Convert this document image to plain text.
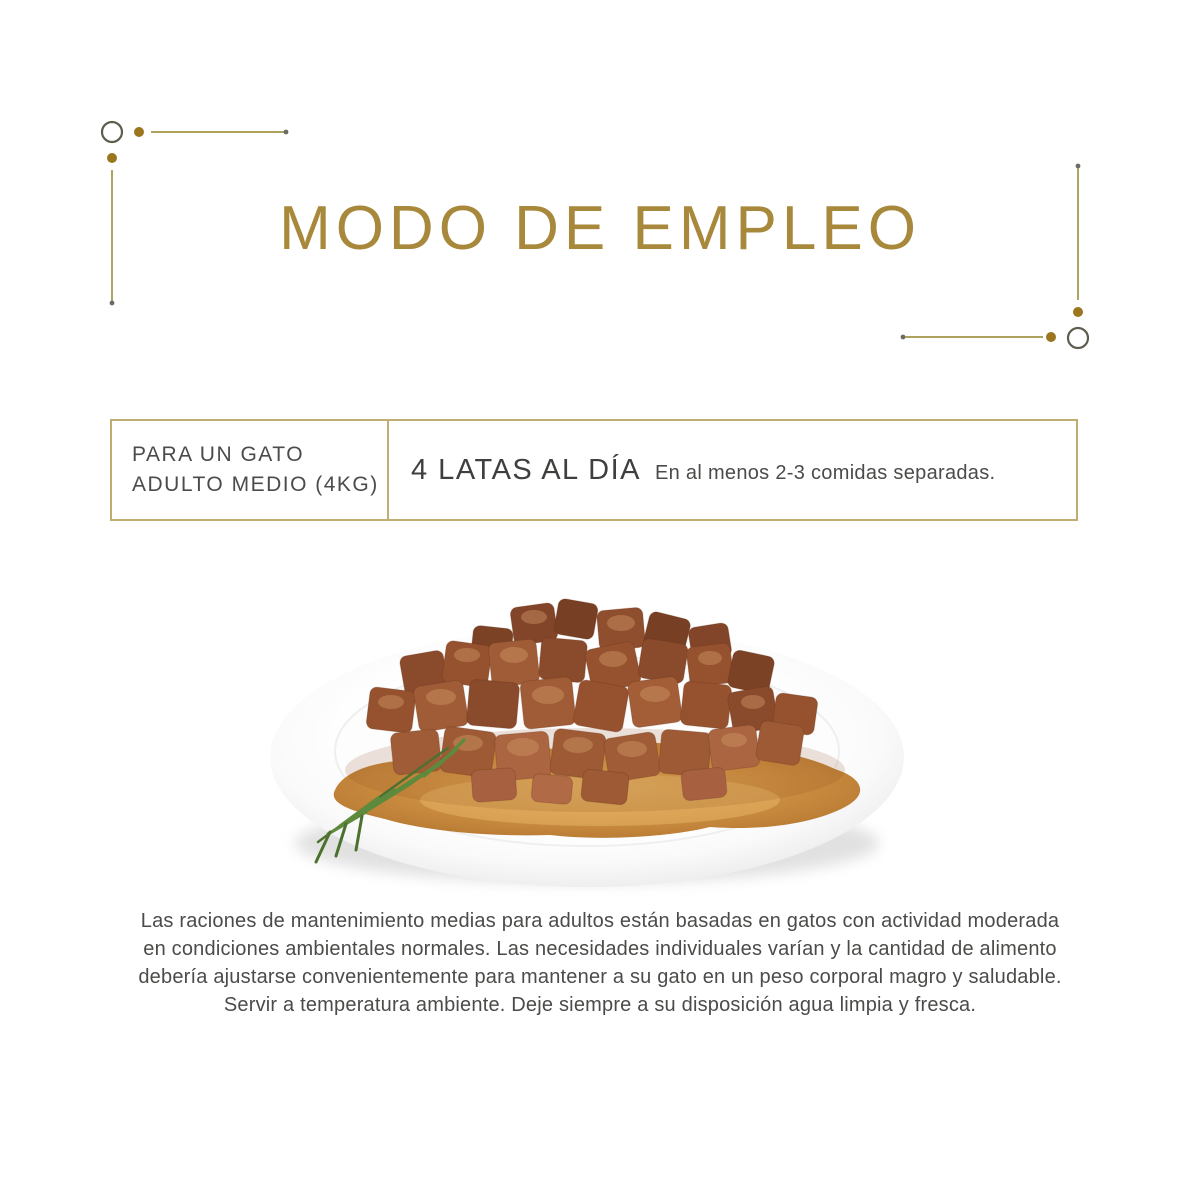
MODO DE EMPLEO
PARA UN GATO
ADULTO MEDIO (4KG) 4 LATAS AL DÍA En al menos 2-3 comidas separadas.
Las raciones de mantenimiento medias para adultos están basadas en gatos con actividad moderada
en condiciones ambientales normales. Las necesidades individuales varían y la cantidad de alimento
debería ajustarse convenientemente para mantener a su gato en un peso corporal magro y saludable.
Servir a temperatura ambiente. Deje siempre a su disposición agua limpia y fresca.
